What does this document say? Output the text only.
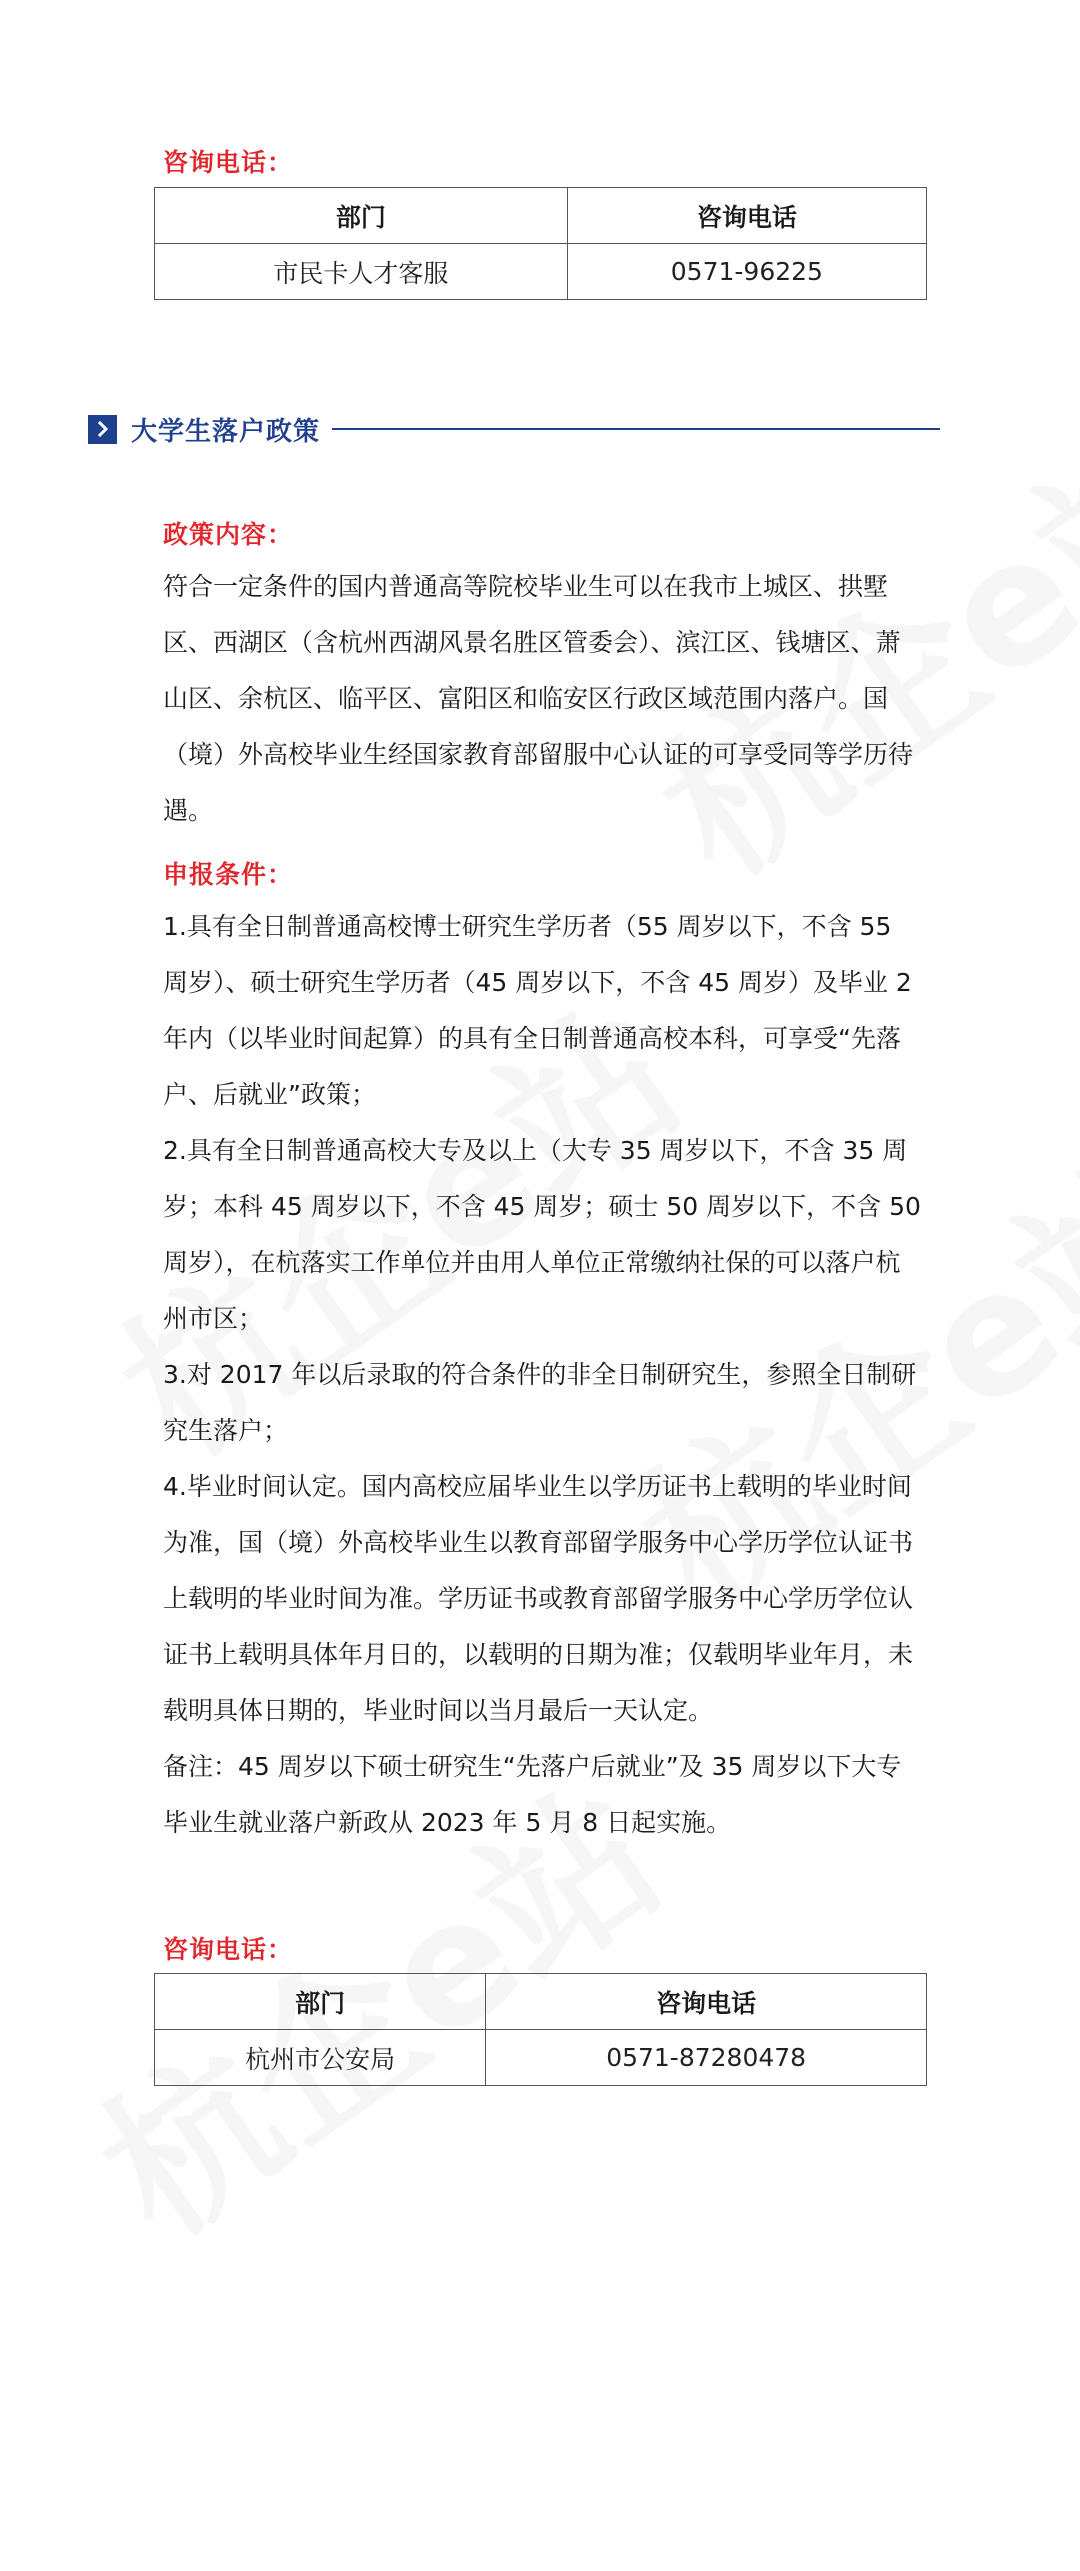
咨询电话：
部门	咨询电话
市民卡人才客服	0571-96225
大学生落户政策
政策内容：

符合一定条件的国内普通高等院校毕业生可以在我市上城区、拱墅区、西湖区（含杭州西湖风景名胜区管委会）、滨江区、钱塘区、萧山区、余杭区、临平区、富阳区和临安区行政区域范围内落户。国（境）外高校毕业生经国家教育部留服中心认证的可享受同等学历待遇。

申报条件：

1.具有全日制普通高校博士研究生学历者（55 周岁以下，不含 55 周岁）、硕士研究生学历者（45 周岁以下，不含 45 周岁）及毕业 2 年内（以毕业时间起算）的具有全日制普通高校本科，可享受“先落户、后就业”政策；

2.具有全日制普通高校大专及以上（大专 35 周岁以下，不含 35 周岁；本科 45 周岁以下，不含 45 周岁；硕士 50 周岁以下，不含 50 周岁），在杭落实工作单位并由用人单位正常缴纳社保的可以落户杭州市区；

3.对 2017 年以后录取的符合条件的非全日制研究生，参照全日制研究生落户；

4.毕业时间认定。国内高校应届毕业生以学历证书上载明的毕业时间为准，国（境）外高校毕业生以教育部留学服务中心学历学位认证书上载明的毕业时间为准。学历证书或教育部留学服务中心学历学位认证书上载明具体年月日的，以载明的日期为准；仅载明毕业年月，未载明具体日期的，毕业时间以当月最后一天认定。

备注：45 周岁以下硕士研究生“先落户后就业”及 35 周岁以下大专毕业生就业落户新政从 2023 年 5 月 8 日起实施。

咨询电话：
部门	咨询电话
杭州市公安局	0571-87280478
